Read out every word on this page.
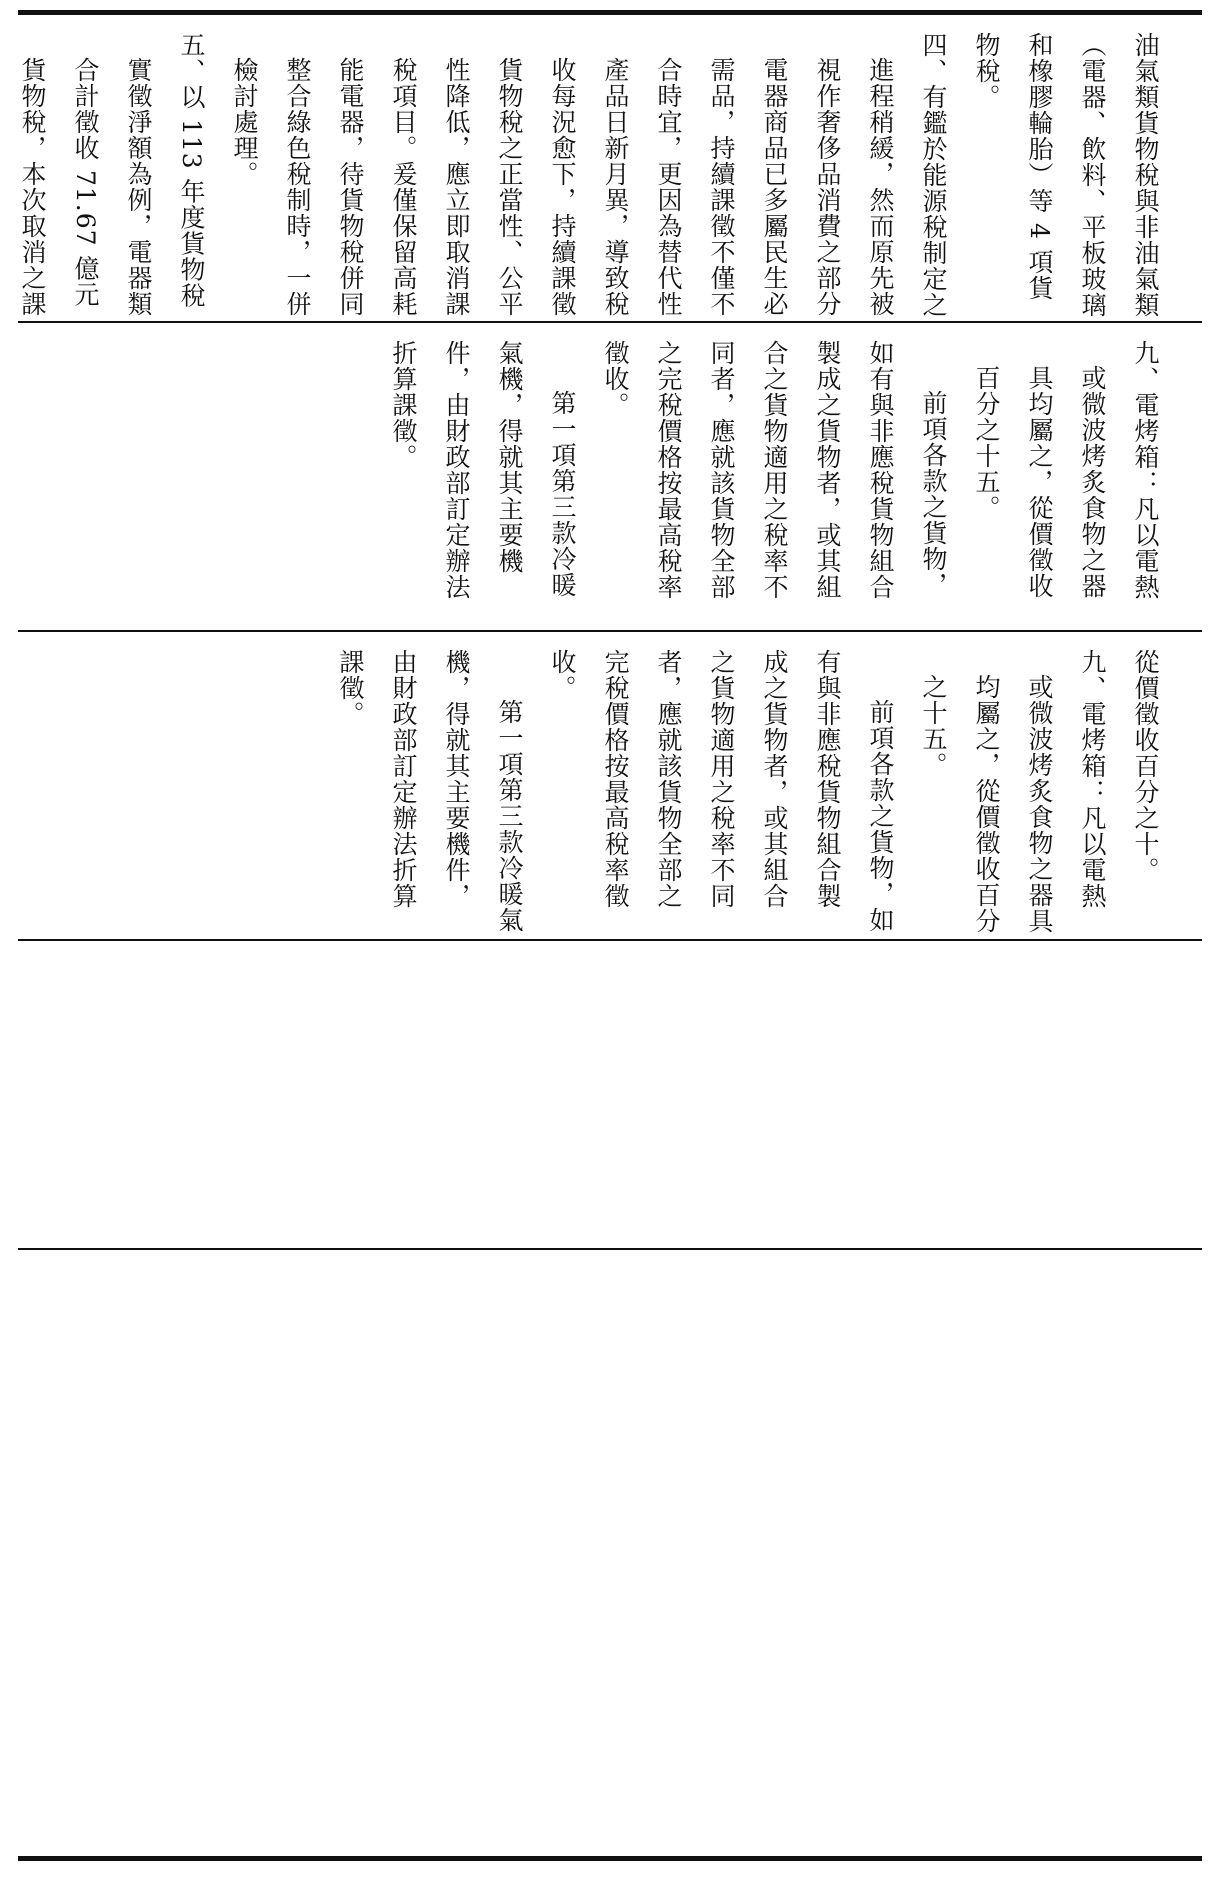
油氣類貨物稅與非油氣類（電器、飲料、平板玻璃和橡膠輪胎）等 4 項貨物稅。
四、有鑑於能源稅制定之進程稍緩，然而原先被視作奢侈品消費之部分電器商品已多屬民生必需品，持續課徵不僅不合時宜，更因為替代性產品日新月異，導致稅收每況愈下，持續課徵貨物稅之正當性、公平性降低，應立即取消課稅項目。爰僅保留高耗能電器，待貨物稅併同整合綠色稅制時，一併檢討處理。
五、以 113 年度貨物稅實徵淨額為例，電器類合計徵收 71.67 億元貨物稅，本次取消之課
九、電烤箱：凡以電熱或微波烤炙食物之器具均屬之，從價徵收百分之十五。
前項各款之貨物，如有與非應稅貨物組合製成之貨物者，或其組合之貨物適用之稅率不同者，應就該貨物全部之完稅價格按最高稅率徵收。
第一項第三款冷暖氣機，得就其主要機件，由財政部訂定辦法折算課徵。
從價徵收百分之十。
九、電烤箱：凡以電熱或微波烤炙食物之器具均屬之，從價徵收百分之十五。
前項各款之貨物，如有與非應稅貨物組合製成之貨物者，或其組合之貨物適用之稅率不同者，應就該貨物全部之完稅價格按最高稅率徵收。
第一項第三款冷暖氣機，得就其主要機件，由財政部訂定辦法折算課徵。
